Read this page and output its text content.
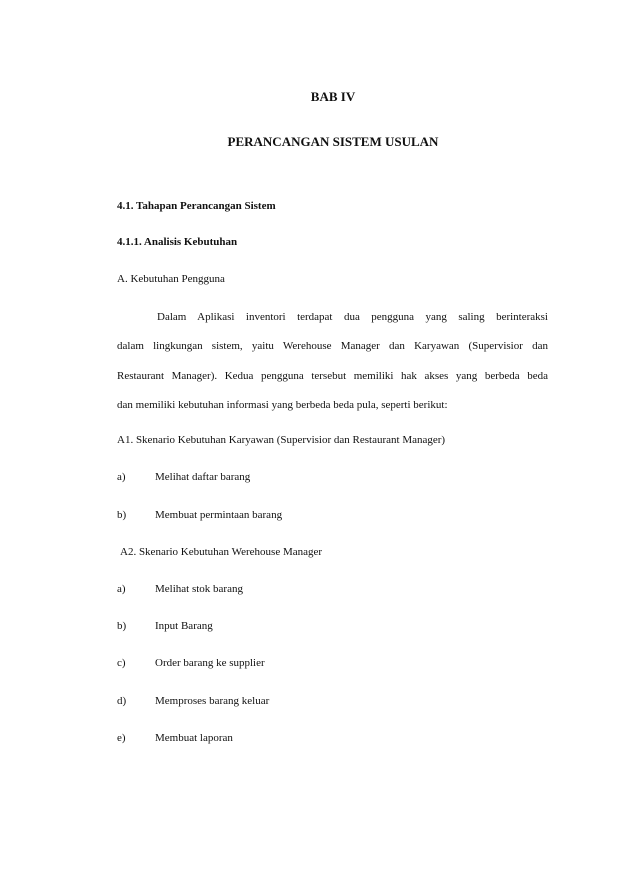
BAB IV
PERANCANGAN SISTEM USULAN
4.1. Tahapan Perancangan Sistem
4.1.1. Analisis Kebutuhan
A. Kebutuhan Pengguna
Dalam Aplikasi inventori terdapat dua pengguna yang saling berinteraksi
dalam lingkungan sistem, yaitu Werehouse Manager dan Karyawan (Supervisior dan
Restaurant Manager). Kedua pengguna tersebut memiliki hak akses yang berbeda beda
dan memiliki kebutuhan informasi yang berbeda beda pula, seperti berikut:
A1. Skenario Kebutuhan Karyawan (Supervisior dan Restaurant Manager)
a)	Melihat daftar barang
b)	Membuat permintaan barang
A2. Skenario Kebutuhan Werehouse Manager
a)	Melihat stok barang
b)	Input Barang
c)	Order barang ke supplier
d)	Memproses barang keluar
e)	Membuat laporan
